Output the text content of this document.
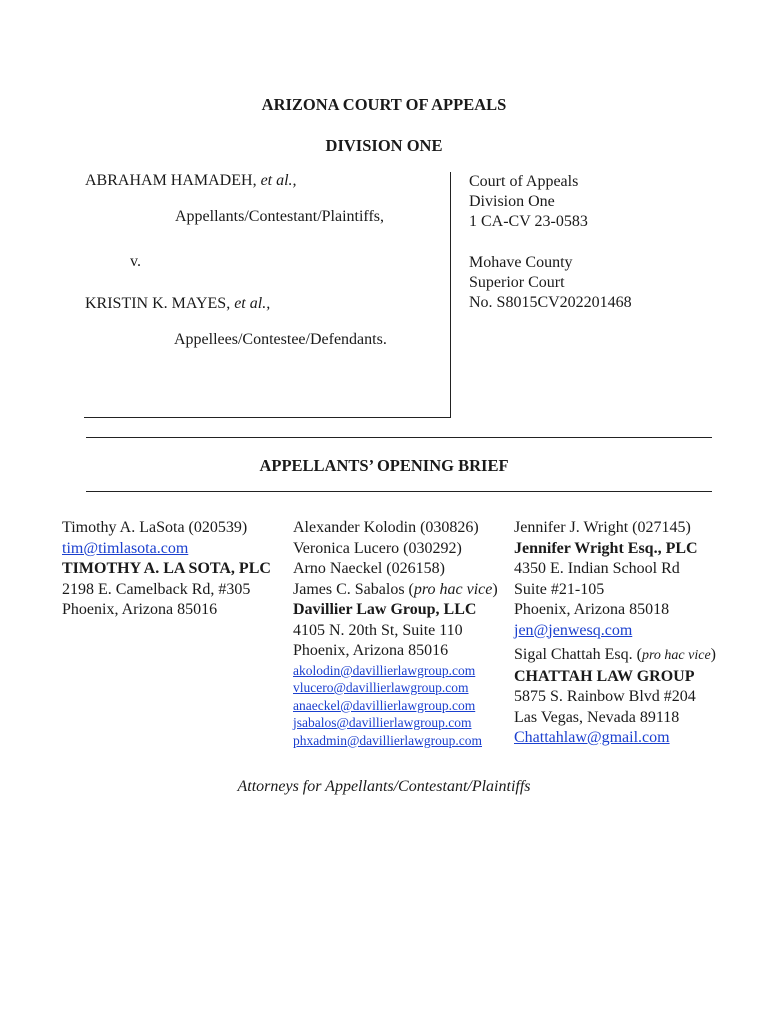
ARIZONA COURT OF APPEALS
DIVISION ONE
ABRAHAM HAMADEH, et al.,
Appellants/Contestant/Plaintiffs,
v.
KRISTIN K. MAYES, et al.,
Appellees/Contestee/Defendants.
Court of Appeals
Division One
1 CA-CV 23-0583
Mohave County
Superior Court
No. S8015CV202201468
APPELLANTS’ OPENING BRIEF
Timothy A. LaSota (020539)
tim@timlasota.com
TIMOTHY A. LA SOTA, PLC
2198 E. Camelback Rd, #305
Phoenix, Arizona 85016
Alexander Kolodin (030826)
Veronica Lucero (030292)
Arno Naeckel (026158)
James C. Sabalos (pro hac vice)
Davillier Law Group, LLC
4105 N. 20th St, Suite 110
Phoenix, Arizona 85016
akolodin@davillierlawgroup.com
vlucero@davillierlawgroup.com
anaeckel@davillierlawgroup.com
jsabalos@davillierlawgroup.com
phxadmin@davillierlawgroup.com
Jennifer J. Wright (027145)
Jennifer Wright Esq., PLC
4350 E. Indian School Rd
Suite #21-105
Phoenix, Arizona 85018
jen@jenwesq.com
Sigal Chattah Esq. (pro hac vice)
CHATTAH LAW GROUP
5875 S. Rainbow Blvd #204
Las Vegas, Nevada 89118
Chattahlaw@gmail.com
Attorneys for Appellants/Contestant/Plaintiffs
